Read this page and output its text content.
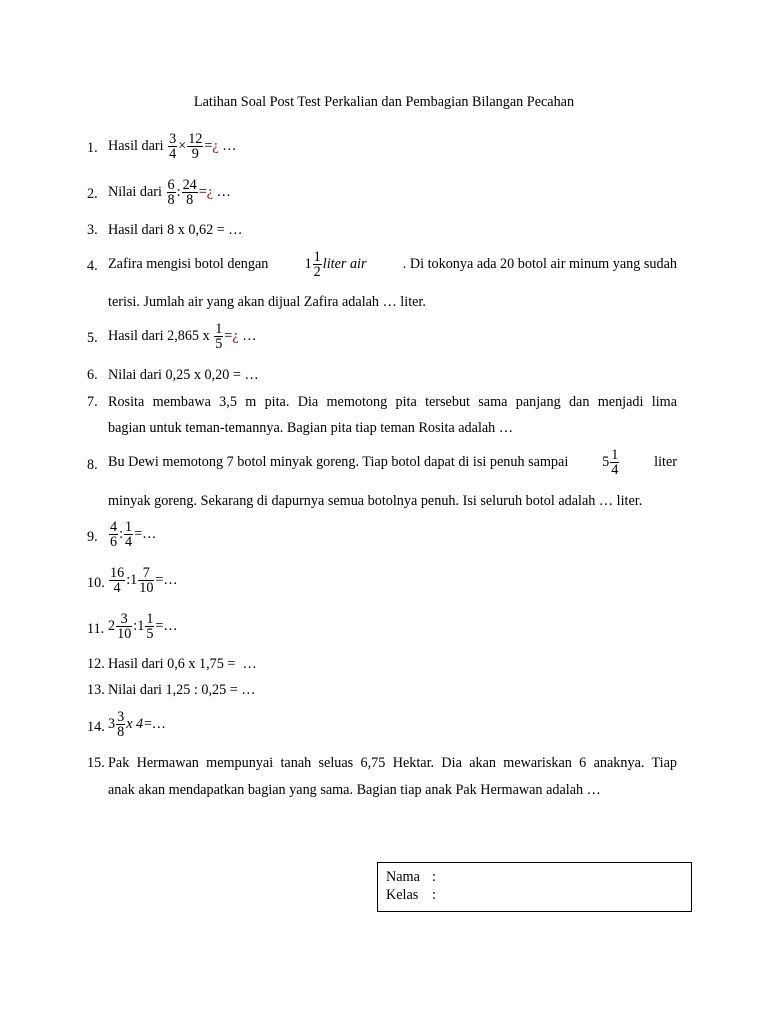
Latihan Soal Post Test Perkalian dan Pembagian Bilangan Pecahan
1. Hasil dari $\frac{3}{4} \times \frac{12}{9}$ =¿ …
2. Nilai dari $\frac{6}{8}$ : $\frac{24}{8}$ =¿ …
3. Hasil dari 8 x 0,62 = …
4. Zafira mengisi botol dengan	$1 \frac{1}{2}$ liter air	. Di tokonya ada 20 botol air minum yang sudah
terisi. Jumlah air yang akan dijual Zafira adalah … liter.
5. Hasil dari 2,865 x $\frac{1}{5}$ =¿ …
6. Nilai dari 0,25 x 0,20 = …
7. Rosita membawa 3,5 m pita. Dia memotong pita tersebut sama panjang dan menjadi lima
bagian untuk teman-temannya. Bagian pita tiap teman Rosita adalah …
8. Bu Dewi memotong 7 botol minyak goreng. Tiap botol dapat di isi penuh sampai $5 \frac{1}{4}$ liter
minyak goreng. Sekarang di dapurnya semua botolnya penuh. Isi seluruh botol adalah … liter.
9. $\frac{4}{6}$ : $\frac{1}{4}$ =…
10. $\frac{16}{4}$ :1 $\frac{7}{10}$ =…
11. $2 \frac{3}{10}$ :1 $\frac{1}{5}$ =…
12. Hasil dari 0,6 x 1,75 =  …
13. Nilai dari 1,25 : 0,25 = …
14. $3 \frac{3}{8}$ x 4=…
15. Pak Hermawan mempunyai tanah seluas 6,75 Hektar. Dia akan mewariskan 6 anaknya. Tiap
anak akan mendapatkan bagian yang sama. Bagian tiap anak Pak Hermawan adalah …
Nama :
Kelas :
